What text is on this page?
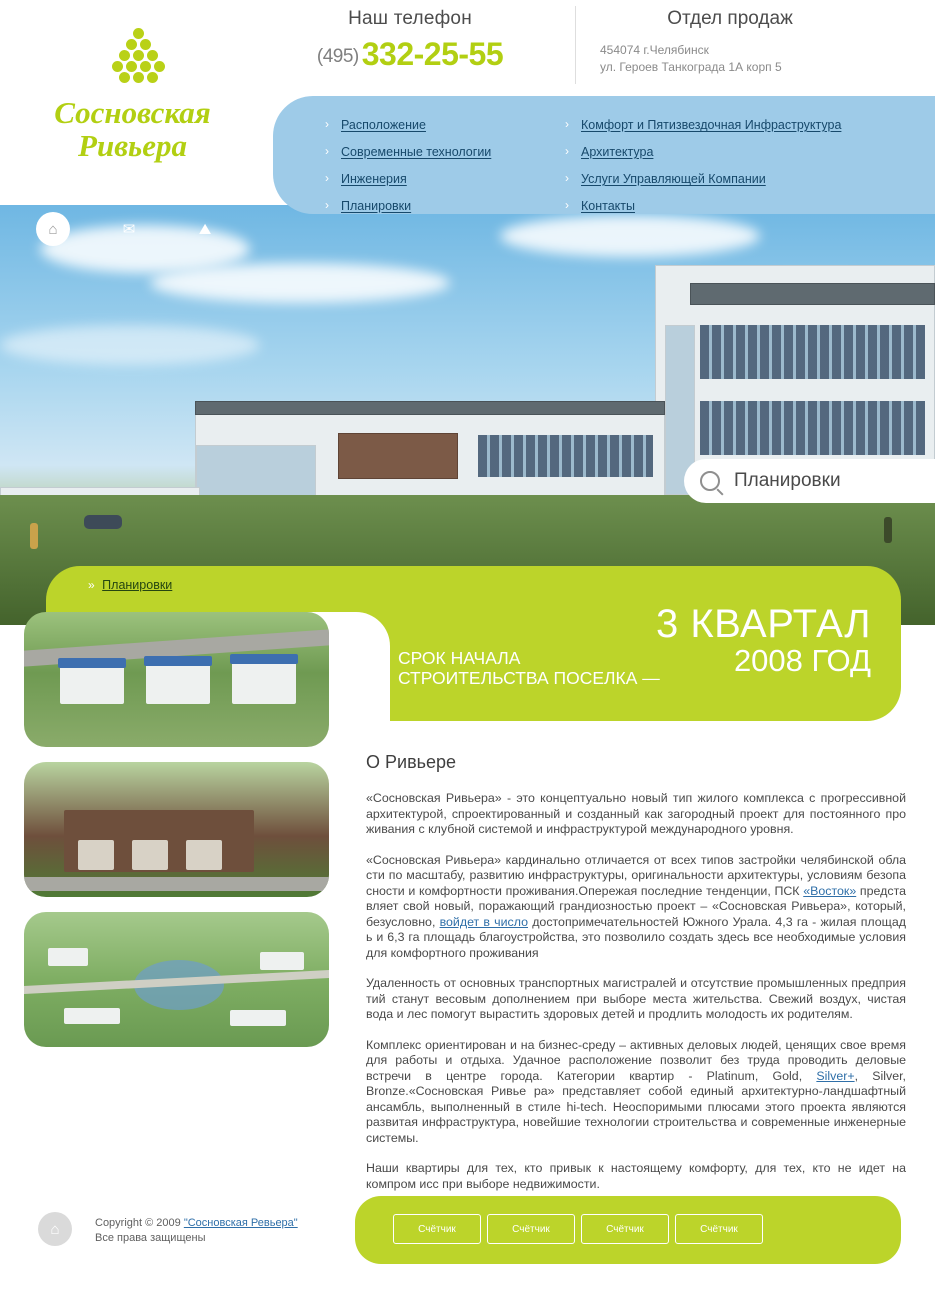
⌂	✉	⛰
Планировки
» Планировки
СРОК НАЧАЛА
СТРОИТЕЛЬСТВА ПОСЕЛКА —
3 КВАРТАЛ
2008 ГОД
Наш телефон
(495)332-25-55
Отдел продаж
454074 г.Челябинск
ул. Героев Танкограда 1А корп 5
Сосновская
Ривьера
› Расположение
› Современные технологии
› Инженерия
› Планировки
› Комфорт и Пятизвездочная Инфраструктура
› Архитектура
› Услуги Управляющей Компании
› Контакты
О Ривьере

«Сосновская Ривьера» - это концептуально новый тип жилого комплекса с прогрессивной архитектурой, спроектированный и созданный как загородный проект для постоянного про живания с клубной системой и инфраструктурой международного уровня.

«Сосновская Ривьера» кардинально отличается от всех типов застройки челябинской обла сти по масштабу, развитию инфраструктуры, оригинальности архитектуры, условиям безопа сности и комфортности проживания.Опережая последние тенденции, ПСК «Восток» предста вляет свой новый, поражающий грандиозностью проект – «Сосновская Ривьера», который, безусловно, войдет в число достопримечательностей Южного Урала. 4,3 га - жилая площад ь и 6,3 га площадь благоустройства, это позволило создать здесь все необходимые условия для комфортного проживания

Удаленность от основных транспортных магистралей и отсутствие промышленных предприя тий станут весовым дополнением при выборе места жительства. Свежий воздух, чистая вода и лес помогут вырастить здоровых детей и продлить молодость их родителям.

Комплекс ориентирован и на бизнес-среду – активных деловых людей, ценящих свое время для работы и отдыха. Удачное расположение позволит без труда проводить деловые встречи в центре города. Категории квартир - Platinum, Gold, Silver+, Silver, Bronze.«Сосновская Ривье ра» представляет собой единый архитектурно-ландшафтный ансамбль, выполненный в стиле hi-tech. Неоспоримыми плюсами этого проекта являются развитая инфраструктура, новейшие технологии строительства и современные инженерные системы.

Наши квартиры для тех, кто привык к настоящему комфорту, для тех, кто не идет на компром исс при выборе недвижимости.

Счётчик	Счётчик	Счётчик	Счётчик
⌂	Copyright © 2009 "Сосновская Ревьера"
Все права защищены
